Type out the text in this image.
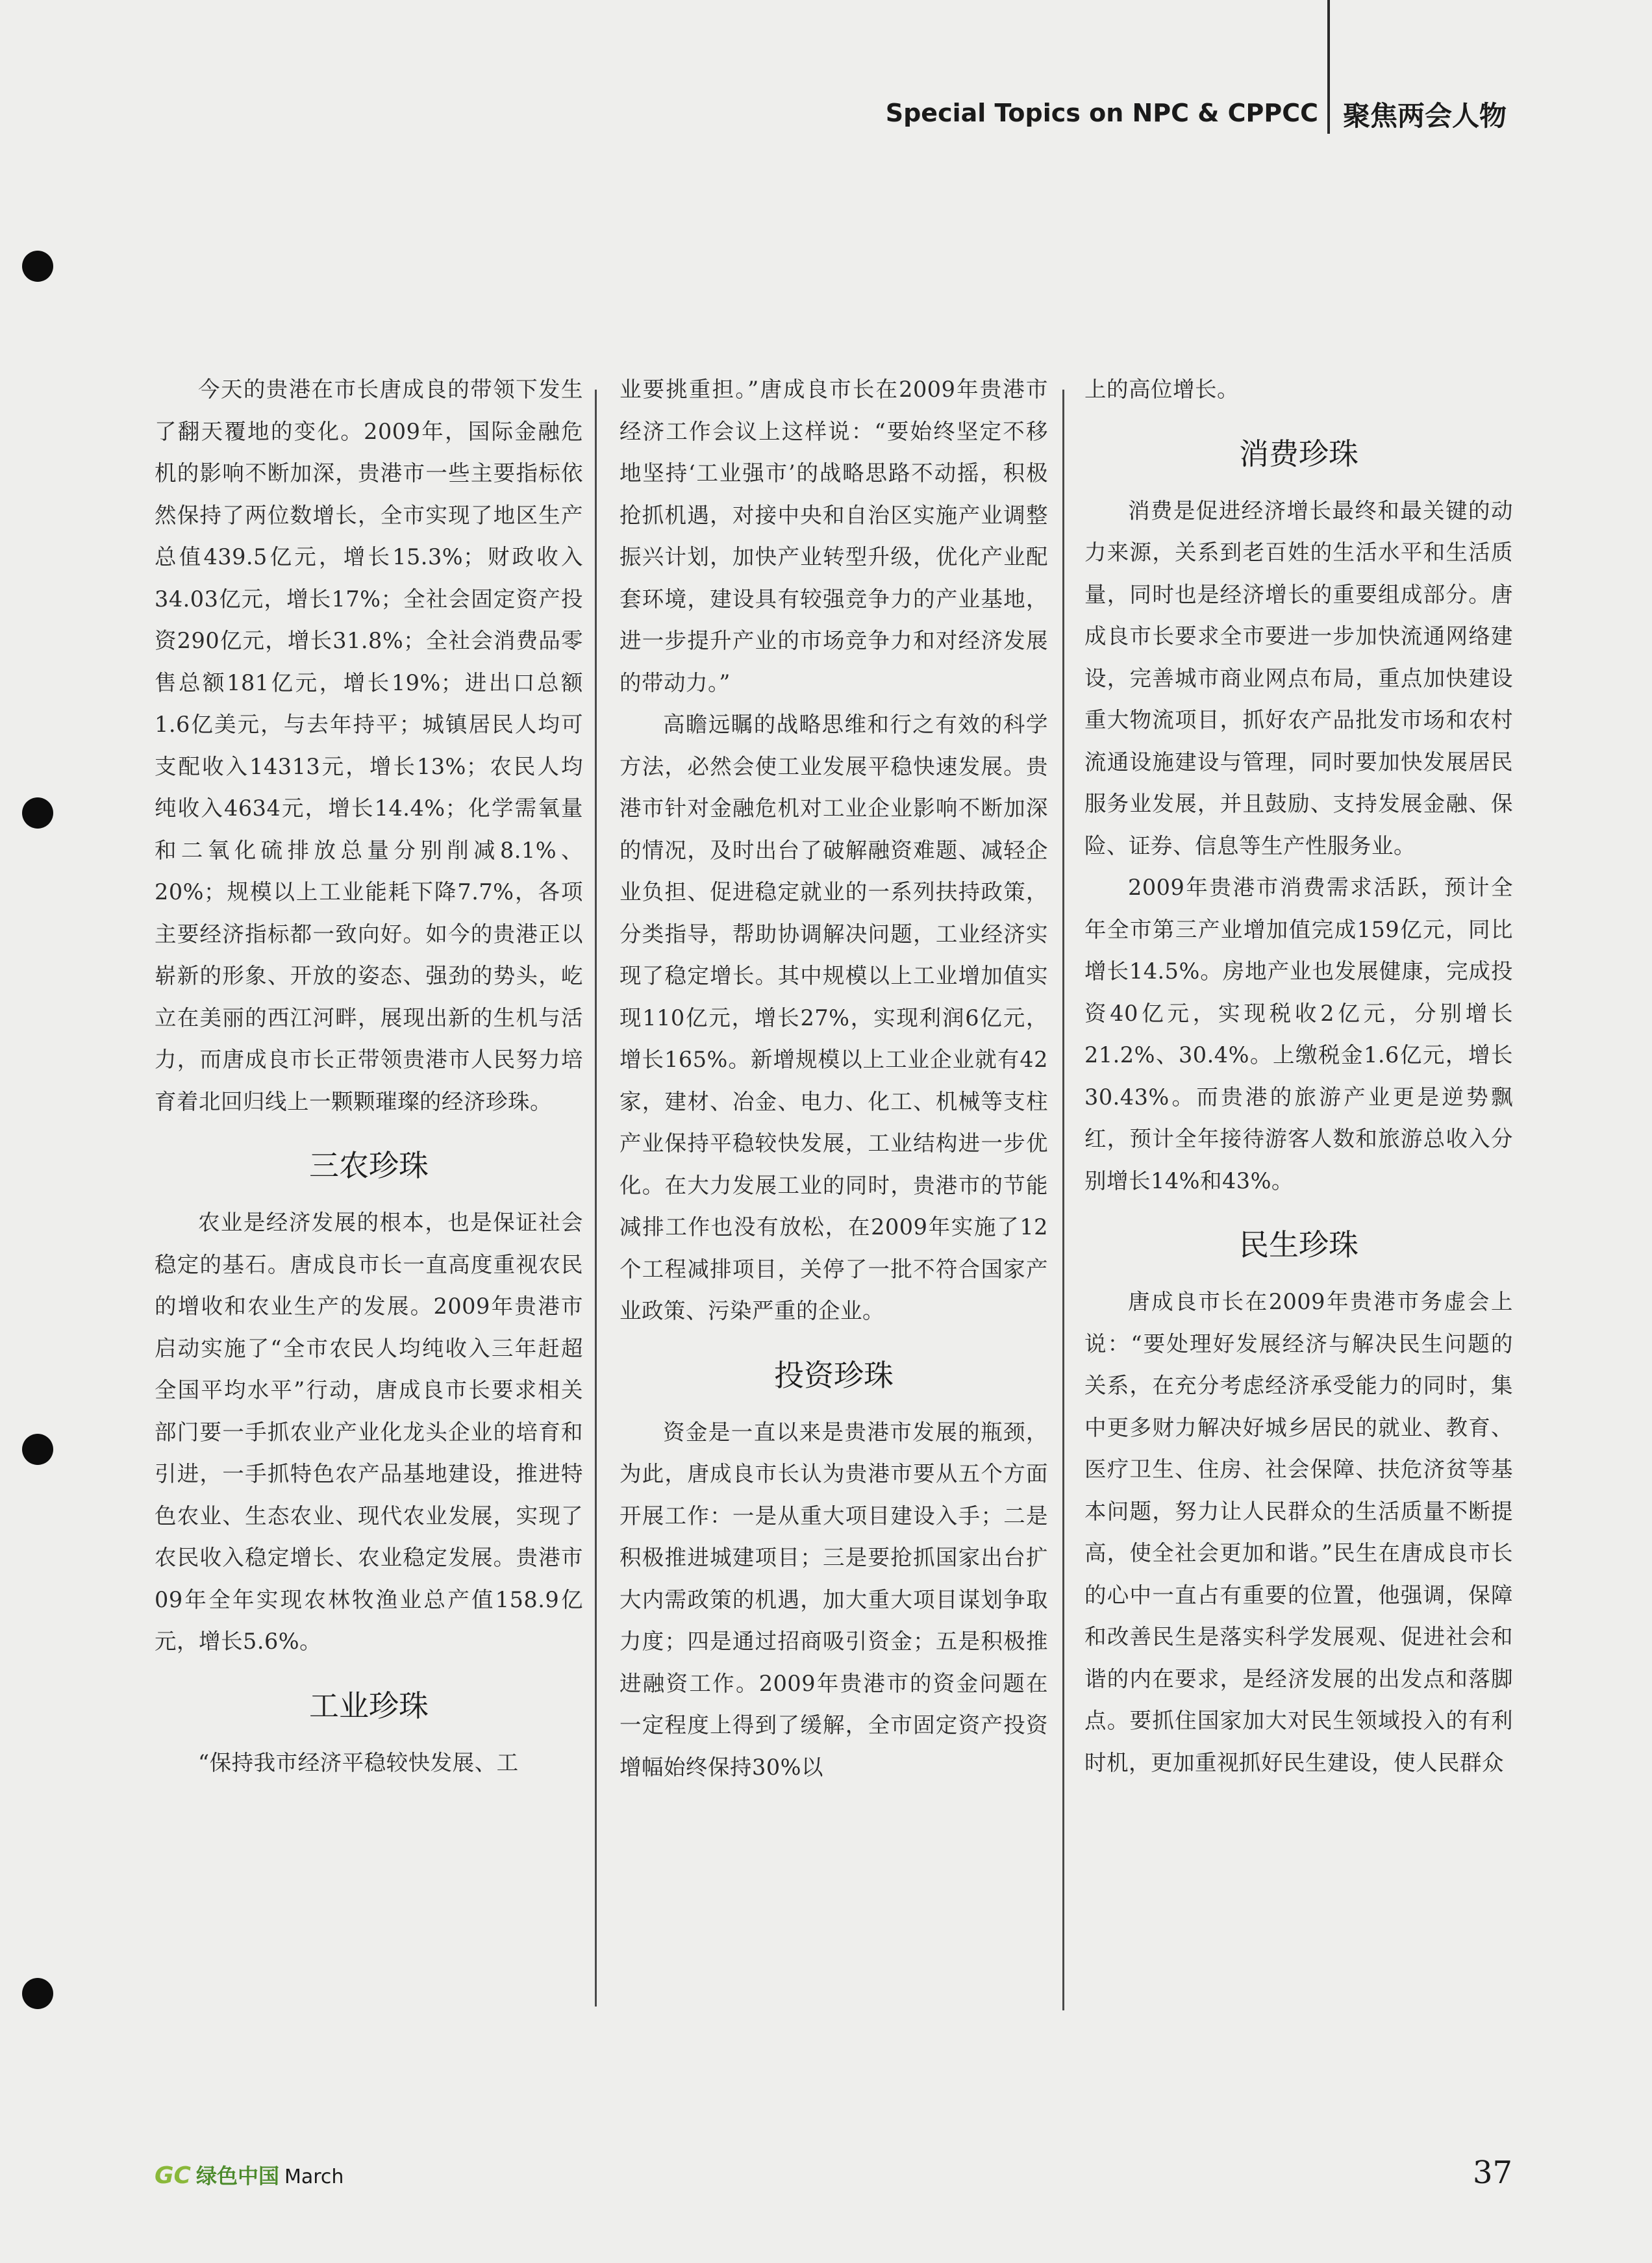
Special Topics on NPC & CPPCC 聚焦两会人物

今天的贵港在市长唐成良的带领下发生了翻天覆地的变化。2009年，国际金融危机的影响不断加深，贵港市一些主要指标依然保持了两位数增长，全市实现了地区生产总值439.5亿元，增长15.3%；财政收入34.03亿元，增长17%；全社会固定资产投资290亿元，增长31.8%；全社会消费品零售总额181亿元，增长19%；进出口总额1.6亿美元，与去年持平；城镇居民人均可支配收入14313元，增长13%；农民人均纯收入4634元，增长14.4%；化学需氧量和二氧化硫排放总量分别削减8.1%、20%；规模以上工业能耗下降7.7%，各项主要经济指标都一致向好。如今的贵港正以崭新的形象、开放的姿态、强劲的势头，屹立在美丽的西江河畔，展现出新的生机与活力，而唐成良市长正带领贵港市人民努力培育着北回归线上一颗颗璀璨的经济珍珠。

三农珍珠

农业是经济发展的根本，也是保证社会稳定的基石。唐成良市长一直高度重视农民的增收和农业生产的发展。2009年贵港市启动实施了“全市农民人均纯收入三年赶超全国平均水平”行动，唐成良市长要求相关部门要一手抓农业产业化龙头企业的培育和引进，一手抓特色农产品基地建设，推进特色农业、生态农业、现代农业发展，实现了农民收入稳定增长、农业稳定发展。贵港市09年全年实现农林牧渔业总产值158.9亿元，增长5.6%。

工业珍珠

“保持我市经济平稳较快发展、工

业要挑重担。”唐成良市长在2009年贵港市经济工作会议上这样说：“要始终坚定不移地坚持‘工业强市’的战略思路不动摇，积极抢抓机遇，对接中央和自治区实施产业调整振兴计划，加快产业转型升级，优化产业配套环境，建设具有较强竞争力的产业基地，进一步提升产业的市场竞争力和对经济发展的带动力。”

高瞻远瞩的战略思维和行之有效的科学方法，必然会使工业发展平稳快速发展。贵港市针对金融危机对工业企业影响不断加深的情况，及时出台了破解融资难题、减轻企业负担、促进稳定就业的一系列扶持政策，分类指导，帮助协调解决问题，工业经济实现了稳定增长。其中规模以上工业增加值实现110亿元，增长27%，实现利润6亿元，增长165%。新增规模以上工业企业就有42家，建材、冶金、电力、化工、机械等支柱产业保持平稳较快发展，工业结构进一步优化。在大力发展工业的同时，贵港市的节能减排工作也没有放松，在2009年实施了12个工程减排项目，关停了一批不符合国家产业政策、污染严重的企业。

投资珍珠

资金是一直以来是贵港市发展的瓶颈，为此，唐成良市长认为贵港市要从五个方面开展工作：一是从重大项目建设入手；二是积极推进城建项目；三是要抢抓国家出台扩大内需政策的机遇，加大重大项目谋划争取力度；四是通过招商吸引资金；五是积极推进融资工作。2009年贵港市的资金问题在一定程度上得到了缓解，全市固定资产投资增幅始终保持30%以

上的高位增长。

消费珍珠

消费是促进经济增长最终和最关键的动力来源，关系到老百姓的生活水平和生活质量，同时也是经济增长的重要组成部分。唐成良市长要求全市要进一步加快流通网络建设，完善城市商业网点布局，重点加快建设重大物流项目，抓好农产品批发市场和农村流通设施建设与管理，同时要加快发展居民服务业发展，并且鼓励、支持发展金融、保险、证券、信息等生产性服务业。

2009年贵港市消费需求活跃，预计全年全市第三产业增加值完成159亿元，同比增长14.5%。房地产业也发展健康，完成投资40亿元，实现税收2亿元，分别增长21.2%、30.4%。上缴税金1.6亿元，增长30.43%。而贵港的旅游产业更是逆势飘红，预计全年接待游客人数和旅游总收入分别增长14%和43%。

民生珍珠

唐成良市长在2009年贵港市务虚会上说：“要处理好发展经济与解决民生问题的关系，在充分考虑经济承受能力的同时，集中更多财力解决好城乡居民的就业、教育、医疗卫生、住房、社会保障、扶危济贫等基本问题，努力让人民群众的生活质量不断提高，使全社会更加和谐。”民生在唐成良市长的心中一直占有重要的位置，他强调，保障和改善民生是落实科学发展观、促进社会和谐的内在要求，是经济发展的出发点和落脚点。要抓住国家加大对民生领域投入的有利时机，更加重视抓好民生建设，使人民群众

GC 绿色中国 March	37
